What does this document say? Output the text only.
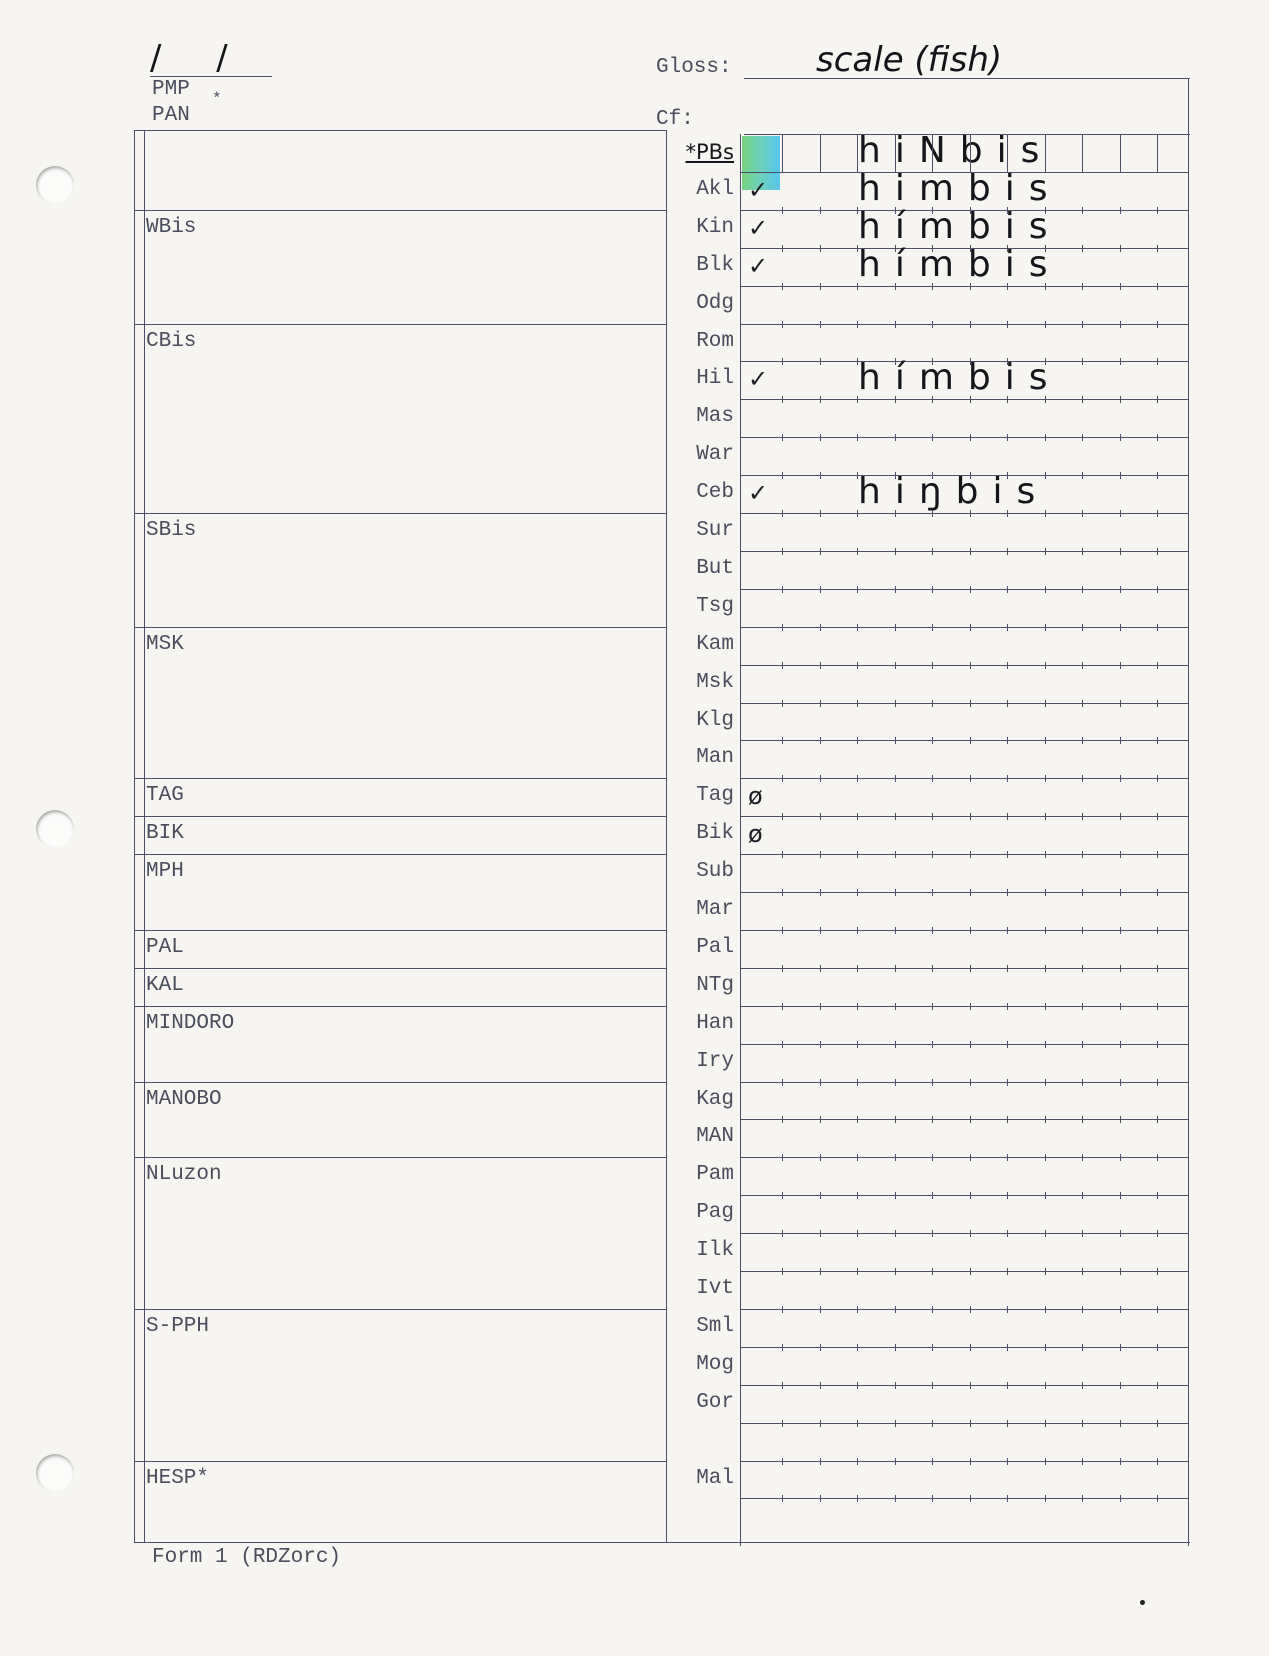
/ /
PMP *
PAN
Gloss: scale (fish)
Cf:
WBis
CBis
SBis
MSK
TAG
BIK
MPH
PAL
KAL
MINDORO
MANOBO
NLuzon
S-PPH
HESP*
*PBs	hiNbis
Akl ✓ himbis
Kin ✓ hímbis
Blk ✓ hímbis
Odg
Rom
Hil ✓ hímbis
Mas
War
Ceb ✓ hiŋbis
Sur
But
Tsg
Kam
Msk
Klg
Man
Tag ø
Bik ø
Sub
Mar
Pal
NTg
Han
Iry
Kag
MAN
Pam
Pag
Ilk
Ivt
Sml
Mog
Gor
Mal
Form 1 (RDZorc)
